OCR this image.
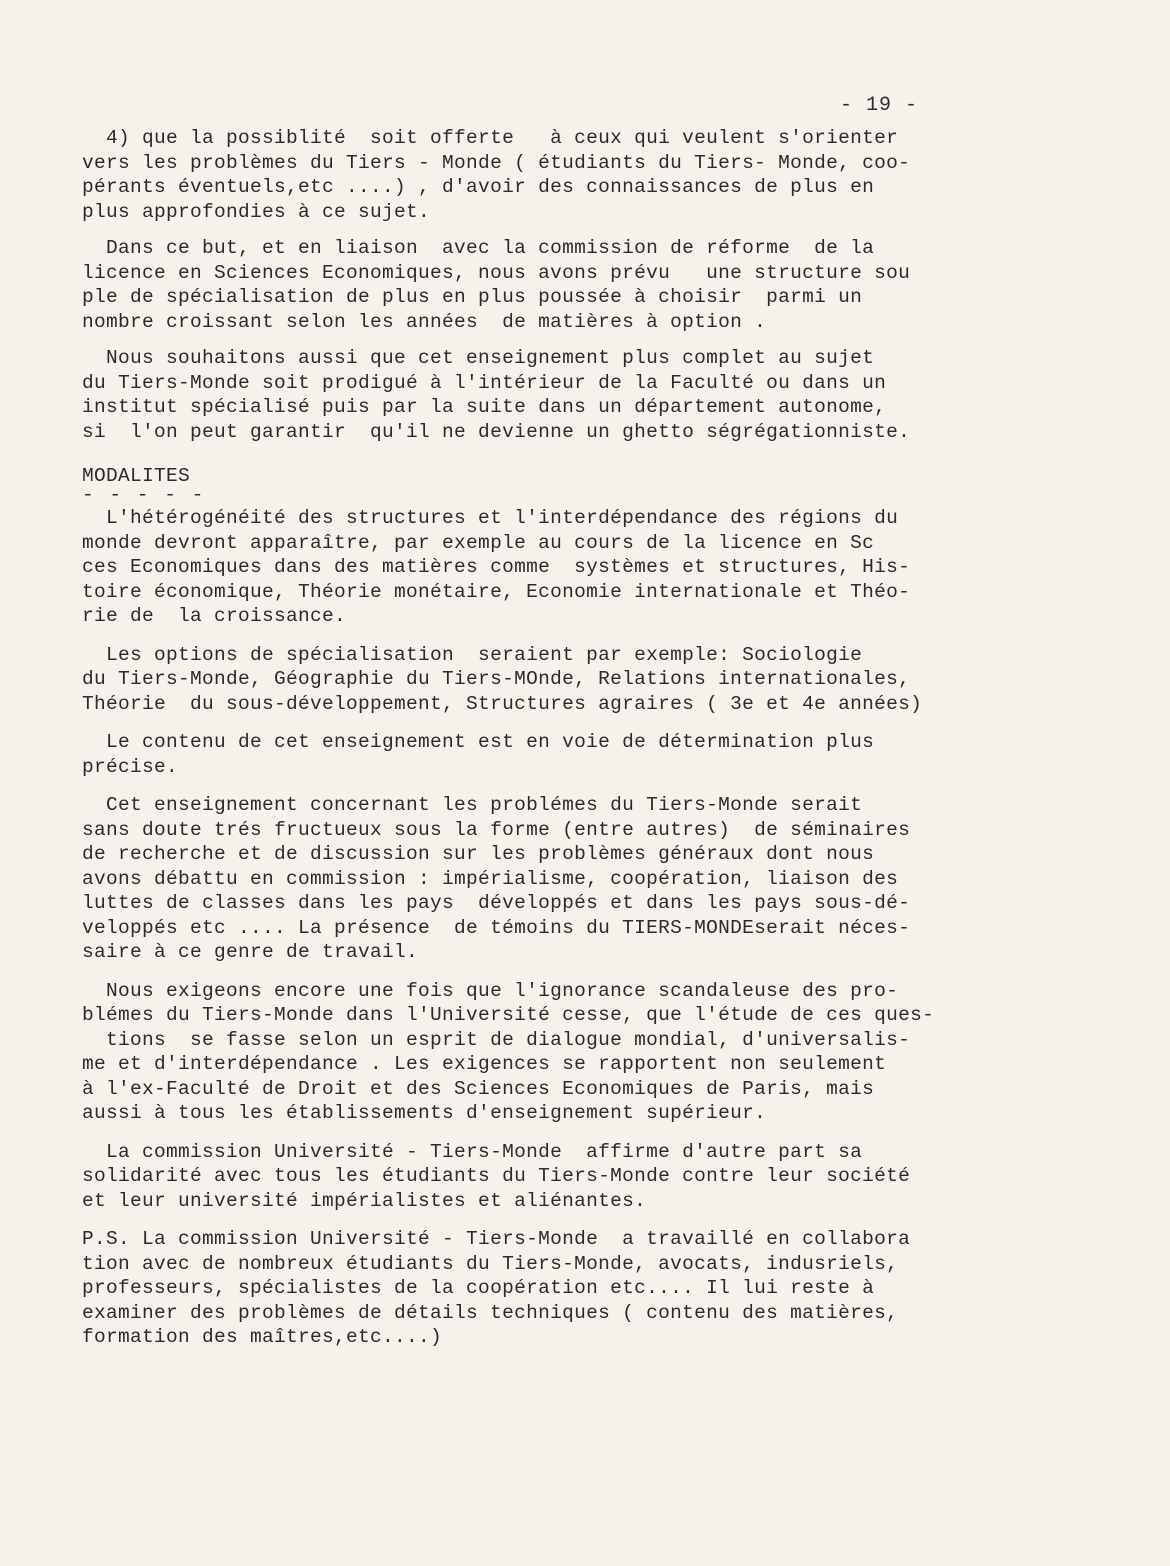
- 19 -

4) que la possiblité  soit offerte   à ceux qui veulent s'orienter
vers les problèmes du Tiers - Monde ( étudiants du Tiers- Monde, coo-
pérants éventuels,etc ....) , d'avoir des connaissances de plus en
plus approfondies à ce sujet.

Dans ce but, et en liaison  avec la commission de réforme  de la
licence en Sciences Economiques, nous avons prévu   une structure sou
ple de spécialisation de plus en plus poussée à choisir  parmi un
nombre croissant selon les années  de matières à option .

Nous souhaitons aussi que cet enseignement plus complet au sujet
du Tiers-Monde soit prodigué à l'intérieur de la Faculté ou dans un
institut spécialisé puis par la suite dans un département autonome,
si  l'on peut garantir  qu'il ne devienne un ghetto ségrégationniste.

MODALITES
- - - - -

L'hétérogénéité des structures et l'interdépendance des régions du
monde devront apparaître, par exemple au cours de la licence en Sc
ces Economiques dans des matières comme  systèmes et structures, His-
toire économique, Théorie monétaire, Economie internationale et Théo-
rie de  la croissance.

Les options de spécialisation  seraient par exemple: Sociologie
du Tiers-Monde, Géographie du Tiers-MOnde, Relations internationales,
Théorie  du sous-développement, Structures agraires ( 3e et 4e années)

Le contenu de cet enseignement est en voie de détermination plus
précise.

Cet enseignement concernant les problémes du Tiers-Monde serait
sans doute trés fructueux sous la forme (entre autres)  de séminaires
de recherche et de discussion sur les problèmes généraux dont nous
avons débattu en commission : impérialisme, coopération, liaison des
luttes de classes dans les pays  développés et dans les pays sous-dé-
veloppés etc .... La présence  de témoins du TIERS-MONDEserait néces-
saire à ce genre de travail.

Nous exigeons encore une fois que l'ignorance scandaleuse des pro-
blémes du Tiers-Monde dans l'Université cesse, que l'étude de ces ques-
tions  se fasse selon un esprit de dialogue mondial, d'universalis-
me et d'interdépendance . Les exigences se rapportent non seulement
à l'ex-Faculté de Droit et des Sciences Economiques de Paris, mais
aussi à tous les établissements d'enseignement supérieur.

La commission Université - Tiers-Monde  affirme d'autre part sa
solidarité avec tous les étudiants du Tiers-Monde contre leur société
et leur université impérialistes et aliénantes.

P.S. La commission Université - Tiers-Monde  a travaillé en collabora
tion avec de nombreux étudiants du Tiers-Monde, avocats, indusriels,
professeurs, spécialistes de la coopération etc.... Il lui reste à
examiner des problèmes de détails techniques ( contenu des matières,
formation des maîtres,etc....)
